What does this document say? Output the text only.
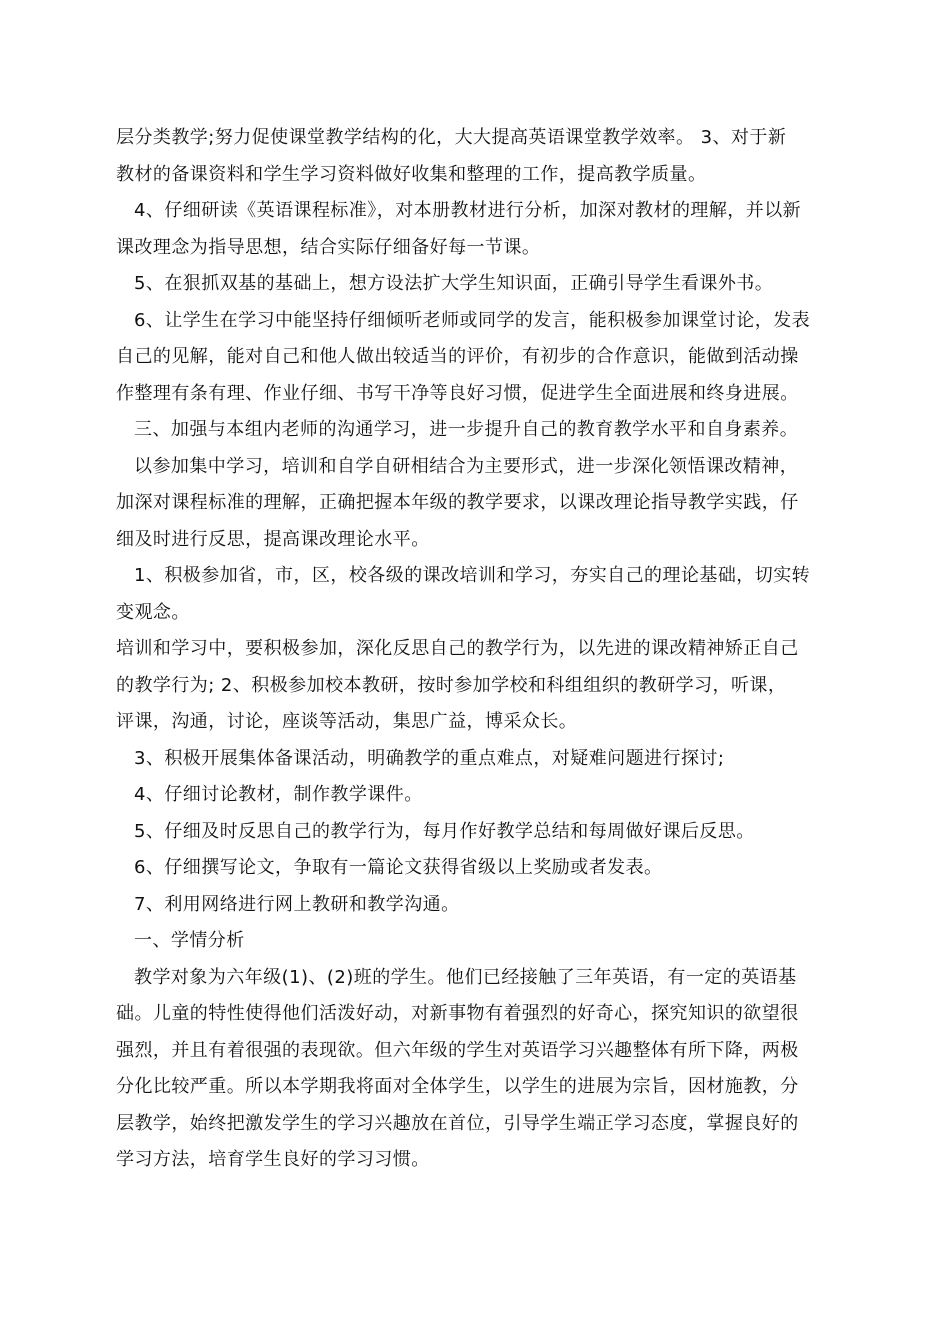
层分类教学;努力促使课堂教学结构的化，大大提高英语课堂教学效率。 3、对于新
教材的备课资料和学生学习资料做好收集和整理的工作，提高教学质量。
4、仔细研读《英语课程标准》，对本册教材进行分析，加深对教材的理解，并以新
课改理念为指导思想，结合实际仔细备好每一节课。
5、在狠抓双基的基础上，想方设法扩大学生知识面，正确引导学生看课外书。
6、让学生在学习中能坚持仔细倾听老师或同学的发言，能积极参加课堂讨论，发表
自己的见解，能对自己和他人做出较适当的评价，有初步的合作意识，能做到活动操
作整理有条有理、作业仔细、书写干净等良好习惯，促进学生全面进展和终身进展。
三、加强与本组内老师的沟通学习，进一步提升自己的教育教学水平和自身素养。
以参加集中学习，培训和自学自研相结合为主要形式，进一步深化领悟课改精神，
加深对课程标准的理解，正确把握本年级的教学要求，以课改理论指导教学实践，仔
细及时进行反思，提高课改理论水平。
1、积极参加省，市，区，校各级的课改培训和学习，夯实自己的理论基础，切实转
变观念。
培训和学习中，要积极参加，深化反思自己的教学行为，以先进的课改精神矫正自己
的教学行为; 2、积极参加校本教研，按时参加学校和科组组织的教研学习，听课，
评课，沟通，讨论，座谈等活动，集思广益，博采众长。
3、积极开展集体备课活动，明确教学的重点难点，对疑难问题进行探讨;
4、仔细讨论教材，制作教学课件。
5、仔细及时反思自己的教学行为，每月作好教学总结和每周做好课后反思。
6、仔细撰写论文，争取有一篇论文获得省级以上奖励或者发表。
7、利用网络进行网上教研和教学沟通。
一、学情分析
教学对象为六年级(1)、(2)班的学生。他们已经接触了三年英语，有一定的英语基
础。儿童的特性使得他们活泼好动，对新事物有着强烈的好奇心，探究知识的欲望很
强烈，并且有着很强的表现欲。但六年级的学生对英语学习兴趣整体有所下降，两极
分化比较严重。所以本学期我将面对全体学生，以学生的进展为宗旨，因材施教，分
层教学，始终把激发学生的学习兴趣放在首位，引导学生端正学习态度，掌握良好的
学习方法，培育学生良好的学习习惯。
